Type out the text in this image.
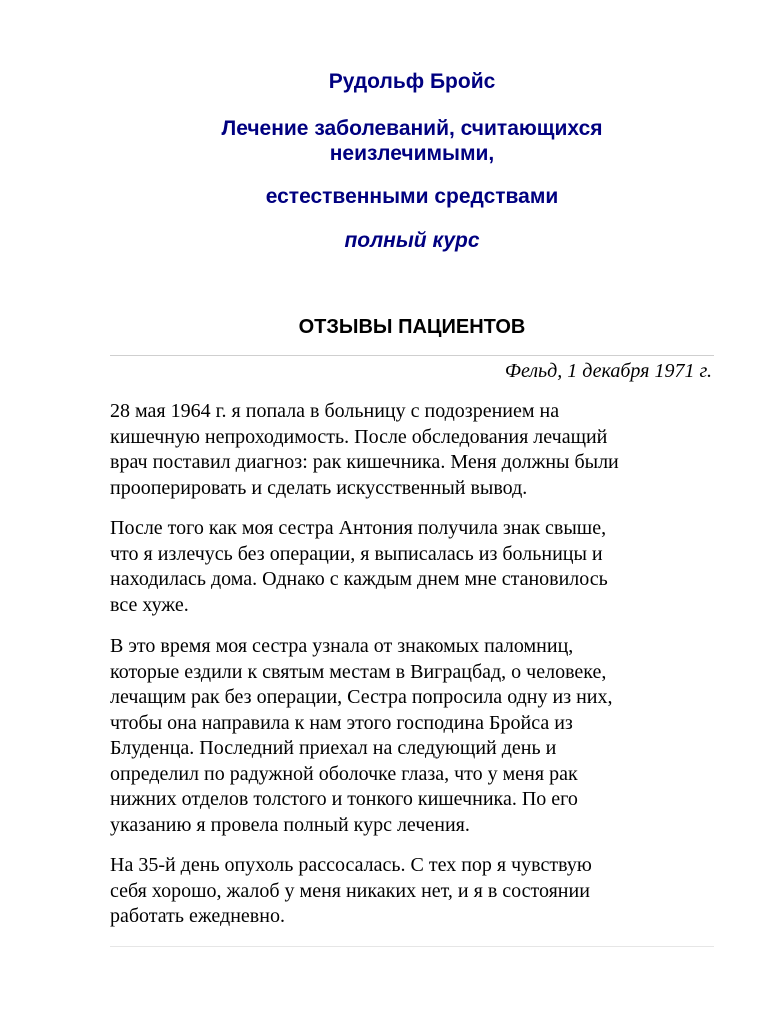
Рудольф Бройс
Лечение заболеваний, считающихся
неизлечимыми,
естественными средствами
полный курс
ОТЗЫВЫ ПАЦИЕНТОВ
Фельд, 1 декабря 1971 г.

28 мая 1964 г. я попала в больницу с подозрением на
кишечную непроходимость. После обследования лечащий
врач поставил диагноз: рак кишечника. Меня должны были
прооперировать и сделать искусственный вывод.

После того как моя сестра Антония получила знак свыше,
что я излечусь без операции, я выписалась из больницы и
находилась дома. Однако с каждым днем мне становилось
все хуже.

В это время моя сестра узнала от знакомых паломниц,
которые ездили к святым местам в Виграцбад, о человеке,
лечащим рак без операции, Сестра попросила одну из них,
чтобы она направила к нам этого господина Бройса из
Блуденца. Последний приехал на следующий день и
определил по радужной оболочке глаза, что у меня рак
нижних отделов толстого и тонкого кишечника. По его
указанию я провела полный курс лечения.

На 35-й день опухоль рассосалась. С тех пор я чувствую
себя хорошо, жалоб у меня никаких нет, и я в состоянии
работать ежедневно.
